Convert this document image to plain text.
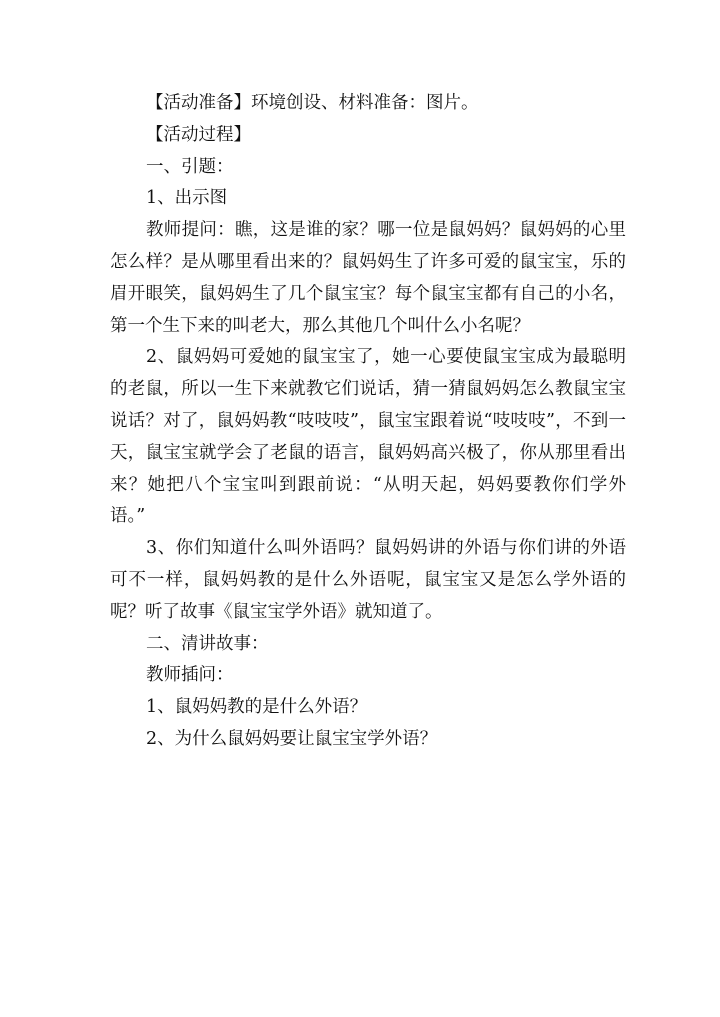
【活动准备】环境创设、材料准备：图片。

【活动过程】

一、引题：

1、出示图

教师提问：瞧，这是谁的家？哪一位是鼠妈妈？鼠妈妈的心里怎么样？是从哪里看出来的？鼠妈妈生了许多可爱的鼠宝宝，乐的眉开眼笑，鼠妈妈生了几个鼠宝宝？每个鼠宝宝都有自己的小名，第一个生下来的叫老大，那么其他几个叫什么小名呢？

2、鼠妈妈可爱她的鼠宝宝了，她一心要使鼠宝宝成为最聪明的老鼠，所以一生下来就教它们说话，猜一猜鼠妈妈怎么教鼠宝宝说话？对了，鼠妈妈教“吱吱吱”，鼠宝宝跟着说“吱吱吱”，不到一天，鼠宝宝就学会了老鼠的语言，鼠妈妈高兴极了，你从那里看出来？她把八个宝宝叫到跟前说：“从明天起，妈妈要教你们学外语。”

3、你们知道什么叫外语吗？鼠妈妈讲的外语与你们讲的外语可不一样，鼠妈妈教的是什么外语呢，鼠宝宝又是怎么学外语的呢？听了故事《鼠宝宝学外语》就知道了。

二、清讲故事：

教师插问：

1、鼠妈妈教的是什么外语？

2、为什么鼠妈妈要让鼠宝宝学外语？
